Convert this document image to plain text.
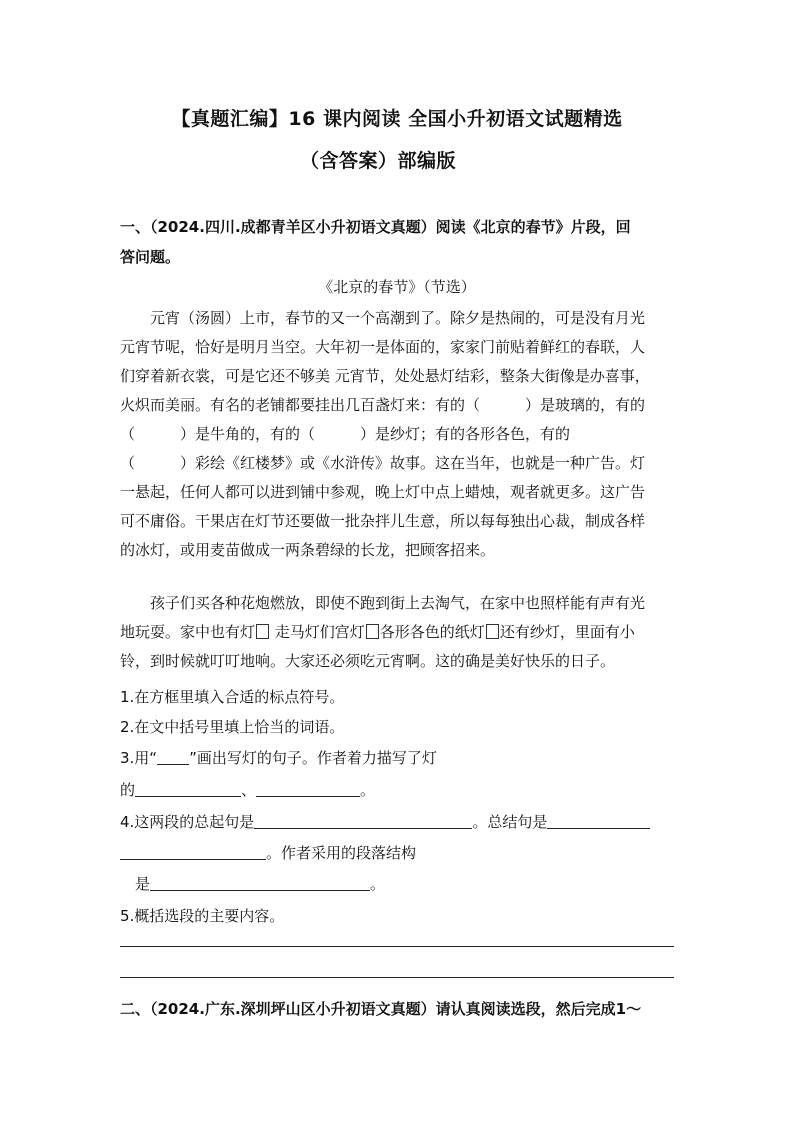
【真题汇编】16 课内阅读 全国小升初语文试题精选
（含答案）部编版
一、（2024.四川.成都青羊区小升初语文真题）阅读《北京的春节》片段，回
答问题。
《北京的春节》（节选）
元宵（汤圆）上市，春节的又一个高潮到了。除夕是热闹的，可是没有月光
元宵节呢，恰好是明月当空。大年初一是体面的，家家门前贴着鲜红的春联，人
们穿着新衣裳，可是它还不够美 元宵节，处处悬灯结彩，整条大街像是办喜事，
火炽而美丽。有名的老铺都要挂出几百盏灯来：有的（　　　）是玻璃的，有的
（　　　）是牛角的，有的（　　　）是纱灯；有的各形各色，有的
（　　　）彩绘《红楼梦》或《水浒传》故事。这在当年，也就是一种广告。灯
一悬起，任何人都可以进到铺中参观，晚上灯中点上蜡烛，观者就更多。这广告
可不庸俗。干果店在灯节还要做一批杂拌儿生意，所以每每独出心裁，制成各样
的冰灯，或用麦苗做成一两条碧绿的长龙，把顾客招来。
孩子们买各种花炮燃放，即使不跑到街上去淘气，在家中也照样能有声有光
地玩耍。家中也有灯 走马灯们宫灯 各形各色的纸灯 还有纱灯，里面有小
铃，到时候就叮叮地响。大家还必须吃元宵啊。这的确是美好快乐的日子。
1.在方框里填入合适的标点符号。
2.在文中括号里填上恰当的词语。
3.用“ ”画出写灯的句子。作者着力描写了灯
的	、	。
4.这两段的总起句是	。总结句是
。作者采用的段落结构
是	。
5.概括选段的主要内容。
二、（2024.广东.深圳坪山区小升初语文真题）请认真阅读选段，然后完成1～
